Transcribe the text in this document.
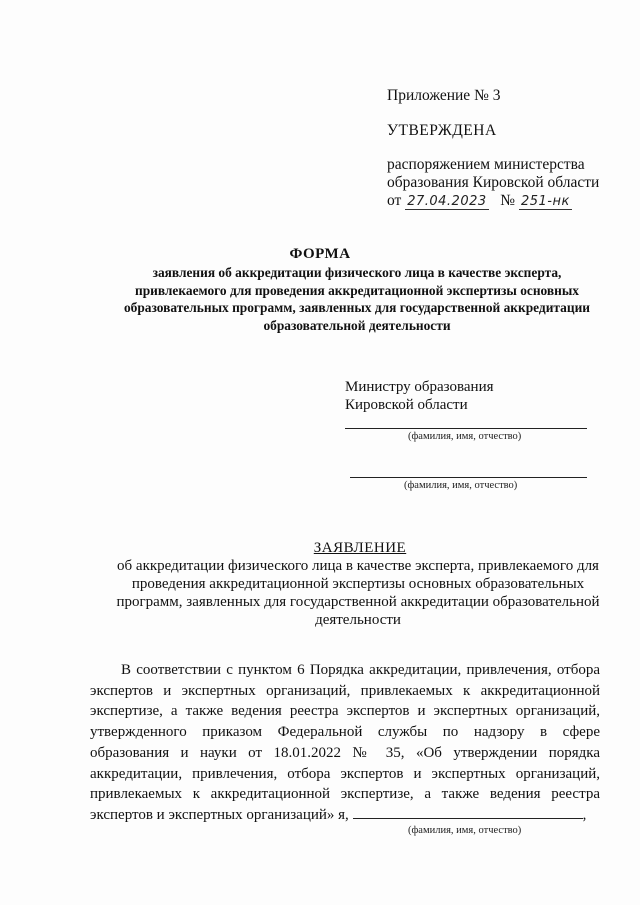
Приложение № 3
УТВЕРЖДЕНА
распоряжением министерства
образования Кировской области
от 27.04.2023 № 251-нк
ФОРМА
заявления об аккредитации физического лица в качестве эксперта, привлекаемого для проведения аккредитационной экспертизы основных образовательных программ, заявленных для государственной аккредитации образовательной деятельности
Министру образования
Кировской области
(фамилия, имя, отчество)
(фамилия, имя, отчество)
ЗАЯВЛЕНИЕ
об аккредитации физического лица в качестве эксперта, привлекаемого для проведения аккредитационной экспертизы основных образовательных программ, заявленных для государственной аккредитации образовательной деятельности

В соответствии с пунктом 6 Порядка аккредитации, привлечения, отбора экспертов и экспертных организаций, привлекаемых к аккредитационной экспертизе, а также ведения реестра экспертов и экспертных организаций, утвержденного приказом Федеральной службы по надзору в сфере образования и науки от 18.01.2022 № 35, «Об утверждении порядка аккредитации, привлечения, отбора экспертов и экспертных организаций, привлекаемых к аккредитационной экспертизе, а также ведения реестра экспертов и экспертных организаций» я,	,

(фамилия, имя, отчество)
